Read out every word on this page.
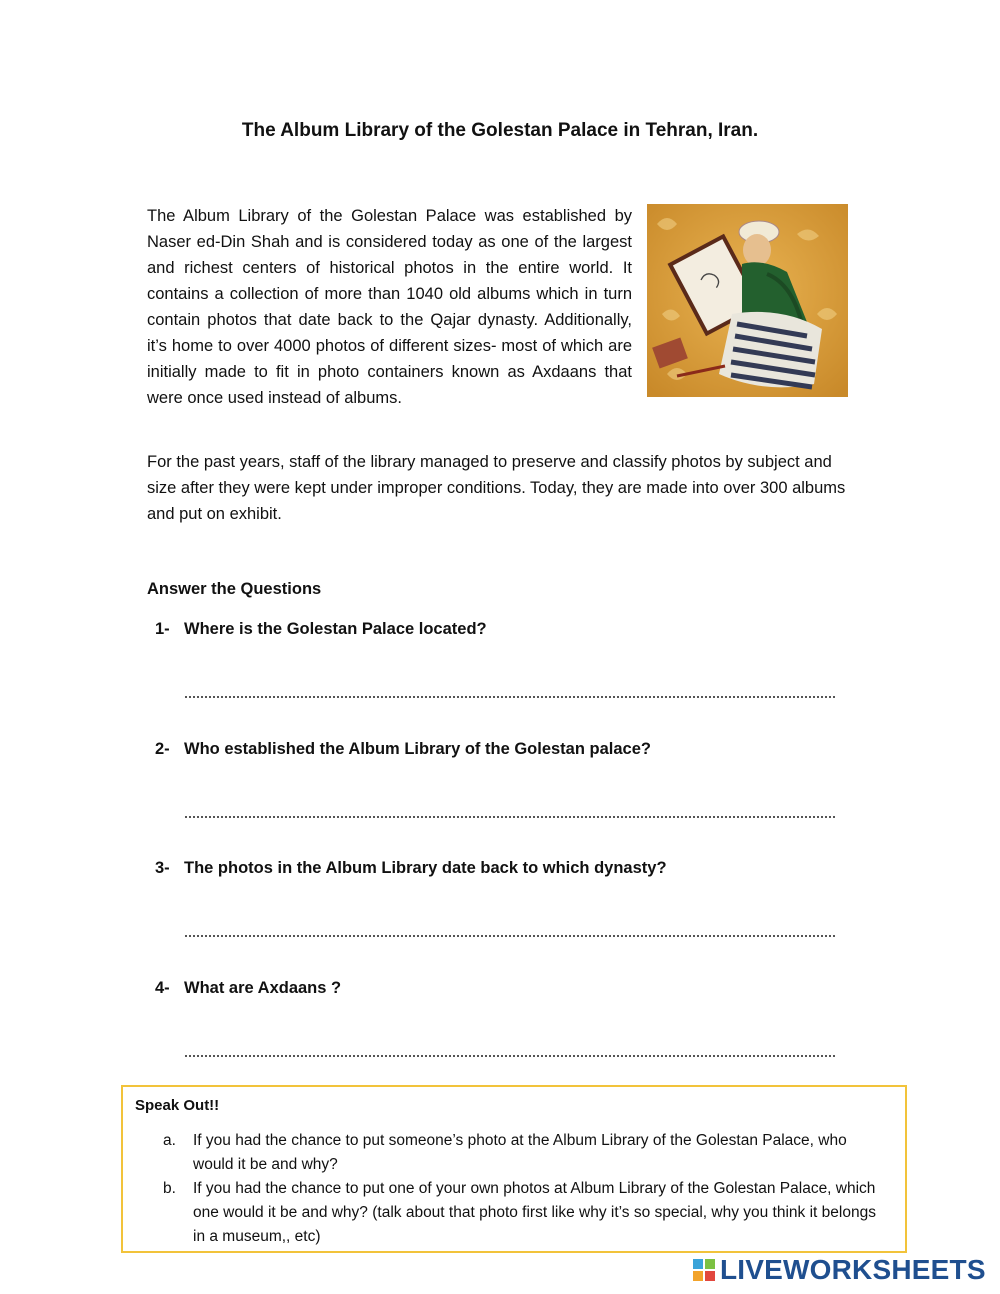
The Album Library of the Golestan Palace in Tehran, Iran.

The Album Library of the Golestan Palace was established by Naser ed-Din Shah and is considered today as one of the largest and richest centers of historical photos in the entire world. It contains a collection of more than 1040 old albums which in turn contain photos that date back to the Qajar dynasty. Additionally, it’s home to over 4000 photos of different sizes- most of which are initially made to fit in photo containers known as Axdaans that were once used instead of albums.

For the past years, staff of the library managed to preserve and classify photos by subject and size after they were kept under improper conditions. Today, they are made into over 300 albums and put on exhibit.

Answer the Questions
1- Where is the Golestan Palace located?
2- Who established the Album Library of the Golestan palace?
3- The photos in the Album Library date back to which dynasty?
4- What are Axdaans ?
Speak Out!!
a. If you had the chance to put someone’s photo at the Album Library of the Golestan Palace, who would it be and why?
b. If you had the chance to put one of your own photos at Album Library of the Golestan Palace, which one would it be and why? (talk about that photo first like why it’s so special, why you think it belongs in a museum,, etc)
LIVEWORKSHEETS
